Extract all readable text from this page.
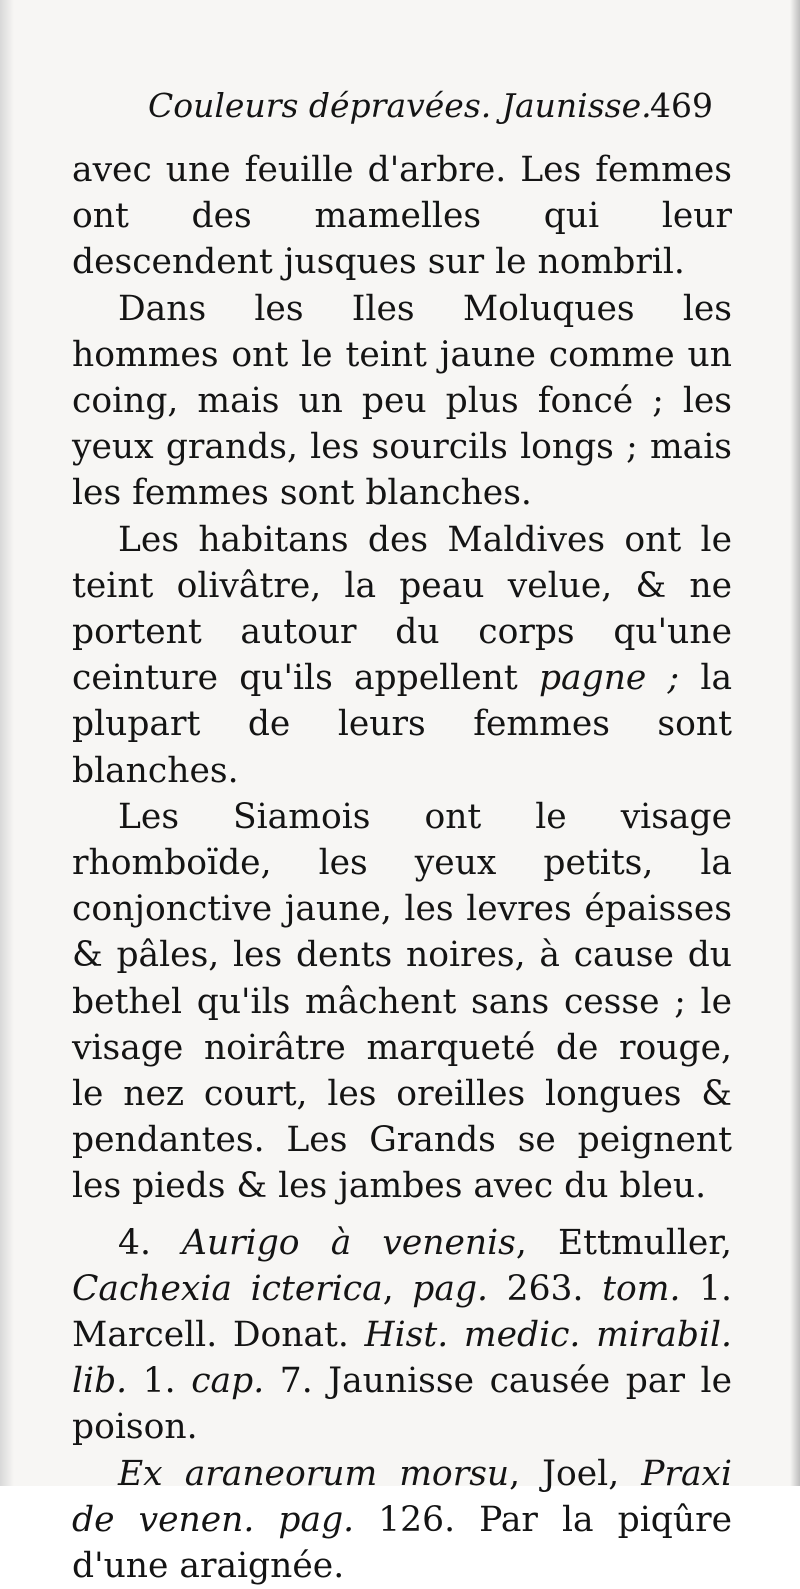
Couleurs dépravées. Jaunisse.
469

avec une feuille d'arbre. Les femmes ont des mamelles qui leur descendent jusques sur le nombril.

Dans les Iles Moluques les hommes ont le teint jaune comme un coing, mais un peu plus foncé ; les yeux grands, les sourcils longs ; mais les femmes sont blanches.

Les habitans des Maldives ont le teint olivâtre, la peau velue, & ne portent autour du corps qu'une ceinture qu'ils appellent pagne ; la plupart de leurs femmes sont blanches.

Les Siamois ont le visage rhomboïde, les yeux petits, la conjonctive jaune, les levres épaisses & pâles, les dents noires, à cause du bethel qu'ils mâchent sans cesse ; le visage noirâtre marqueté de rouge, le nez court, les oreilles longues & pendantes. Les Grands se peignent les pieds & les jambes avec du bleu.

4. Aurigo à venenis, Ettmuller, Cachexia icterica, pag. 263. tom. 1. Marcell. Donat. Hist. medic. mirabil. lib. 1. cap. 7. Jaunisse causée par le poison.

Ex araneorum morsu, Joel, Praxi de venen. pag. 126. Par la piqûre d'une araignée.
